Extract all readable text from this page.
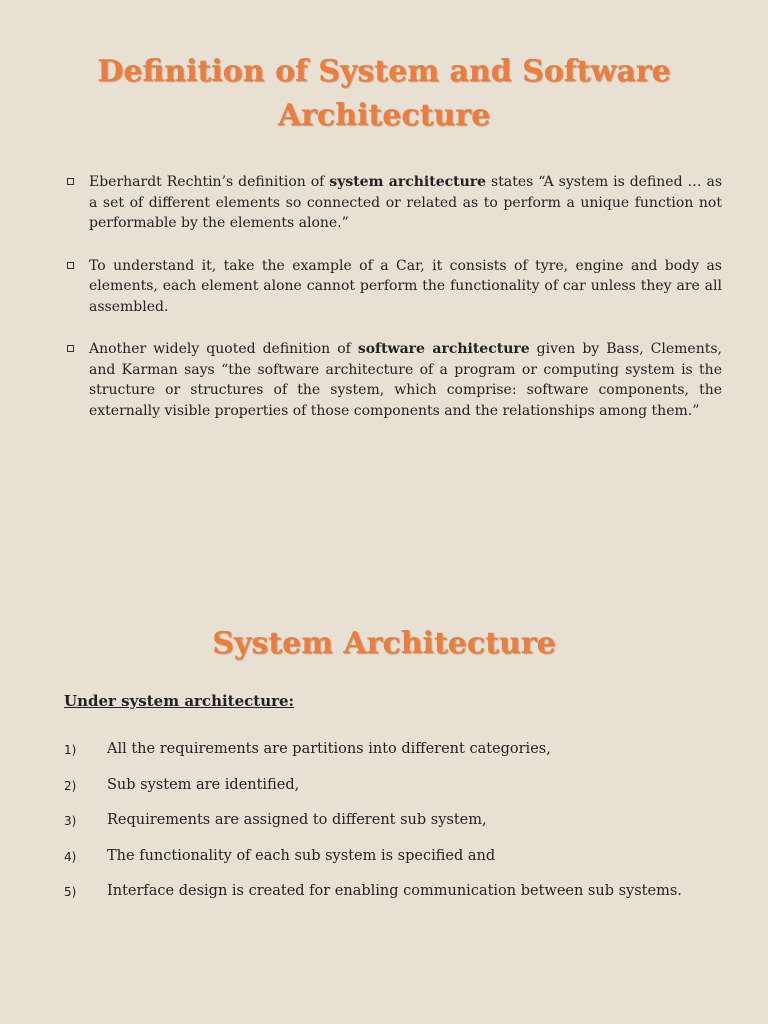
Definition of System and Software Architecture
Eberhardt Rechtin’s definition of system architecture states “A system is defined … as a set of different elements so connected or related as to perform a unique function not performable by the elements alone.”
To understand it, take the example of a Car, it consists of tyre, engine and body as elements, each element alone cannot perform the functionality of car unless they are all assembled.
Another widely quoted definition of software architecture given by Bass, Clements, and Karman says “the software architecture of a program or computing system is the structure or structures of the system, which comprise: software components, the externally visible properties of those components and the relationships among them.”
System Architecture
Under system architecture:
1) All the requirements are partitions into different categories,
2) Sub system are identified,
3) Requirements are assigned to different sub system,
4) The functionality of each sub system is specified and
5) Interface design is created for enabling communication between sub systems.
